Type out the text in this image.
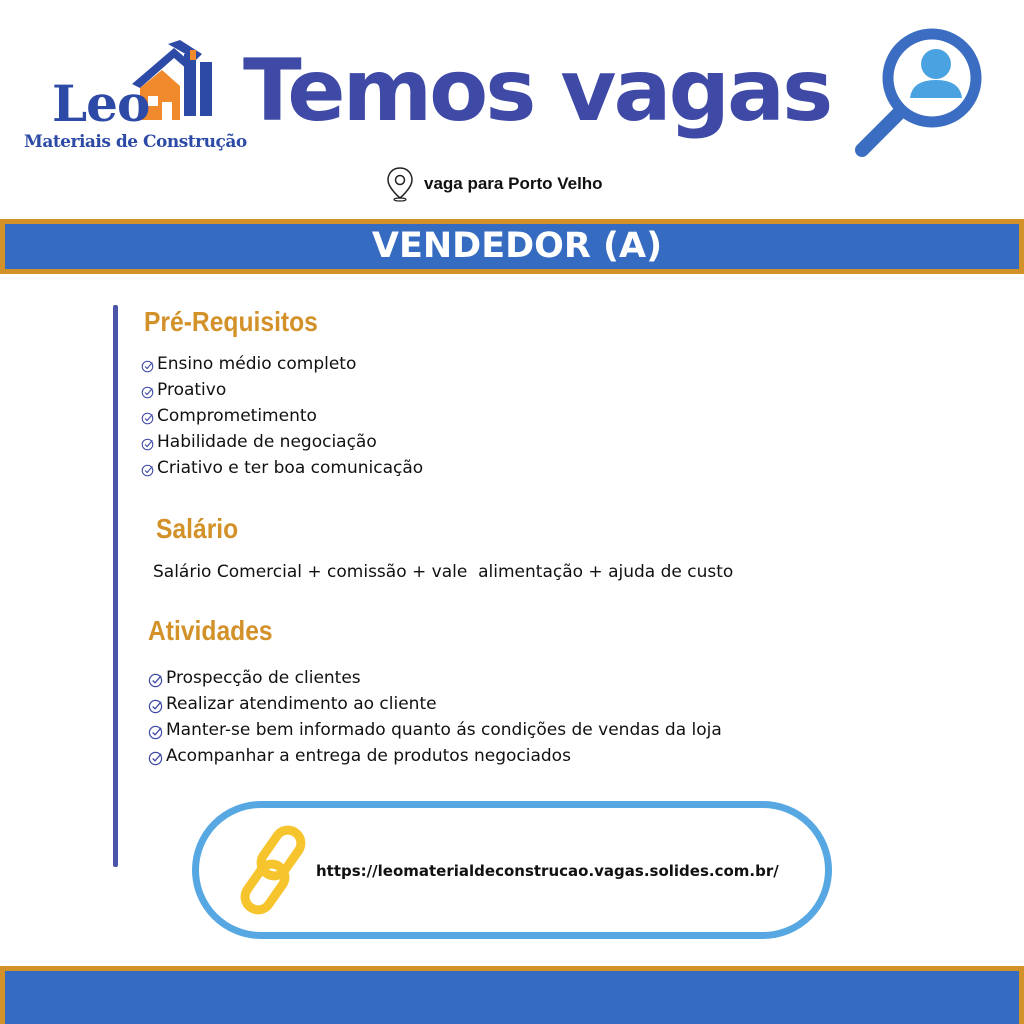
Leo
Materiais de Construção
Temos vagas
vaga para Porto Velho
VENDEDOR (A)
Pré-Requisitos
Ensino médio completo
Proativo
Comprometimento
Habilidade de negociação
Criativo e ter boa comunicação
Salário
Salário Comercial + comissão + vale  alimentação + ajuda de custo
Atividades
Prospecção de clientes
Realizar atendimento ao cliente
Manter-se bem informado quanto ás condições de vendas da loja
Acompanhar a entrega de produtos negociados
https://leomaterialdeconstrucao.vagas.solides.com.br/
